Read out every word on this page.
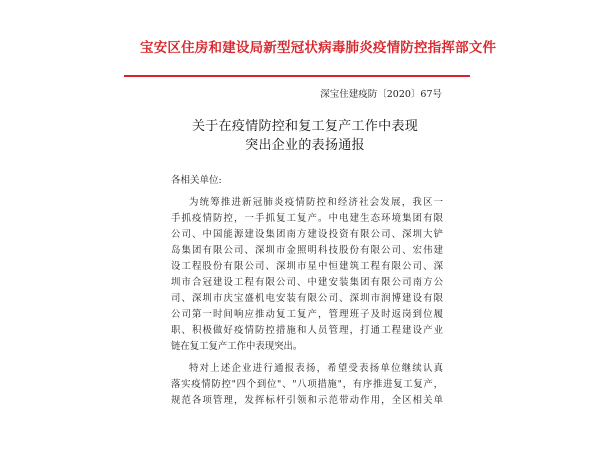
宝安区住房和建设局新型冠状病毒肺炎疫情防控指挥部文件
深宝住建疫防〔2020〕67号
关于在疫情防控和复工复产工作中表现
突出企业的表扬通报
各相关单位:
为统筹推进新冠肺炎疫情防控和经济社会发展，我区一
手抓疫情防控，一手抓复工复产。中电建生态环境集团有限
公司、中国能源建设集团南方建设投资有限公司、深圳大铲
岛集团有限公司、深圳市金照明科技股份有限公司、宏伟建
设工程股份有限公司、深圳市星中恒建筑工程有限公司、深
圳市合冠建设工程有限公司、中建安装集团有限公司南方公
司、深圳市庆宝盛机电安装有限公司、深圳市润博建设有限
公司第一时间响应推动复工复产，管理班子及时返岗到位履
职、积极做好疫情防控措施和人员管理，打通工程建设产业
链在复工复产工作中表现突出。
特对上述企业进行通报表扬，希望受表扬单位继续认真
落实疫情防控"四个到位"、"八项措施"，有序推进复工复产，
规范各项管理，发挥标杆引领和示范带动作用，全区相关单
